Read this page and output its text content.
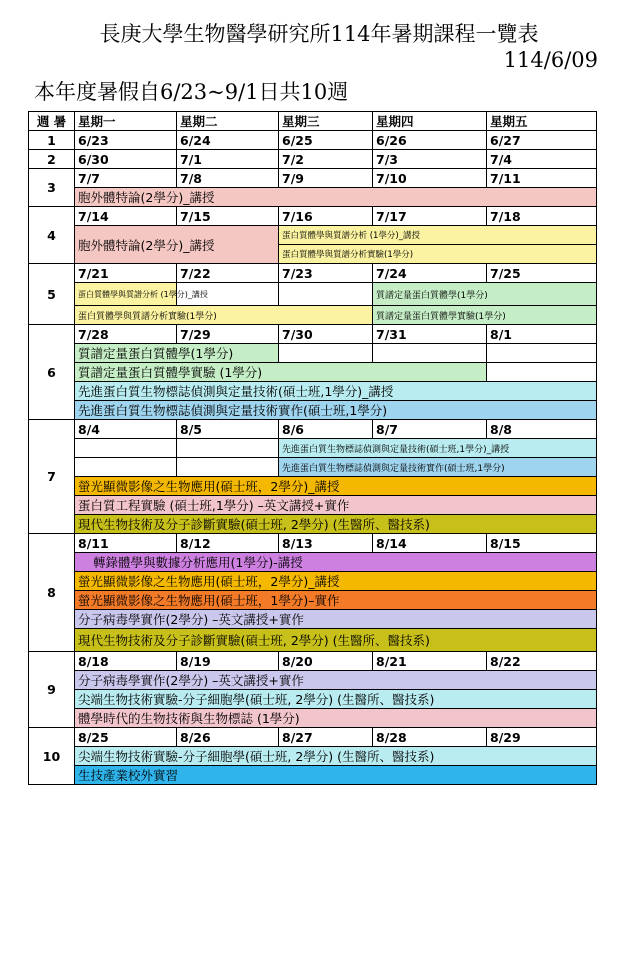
長庚大學生物醫學研究所114年暑期課程一覽表
114/6/09
本年度暑假自6/23~9/1日共10週
週 暑	星期一	星期二	星期三	星期四	星期五
1	6/23	6/24	6/25	6/26	6/27
2	6/30	7/1	7/2	7/3	7/4
3	7/7	7/8	7/9	7/10	7/11
	胞外體特論(2學分)_講授				
4	7/14	7/15	7/16	7/17	7/18
	胞外體特論(2學分)_講授		蛋白質體學與質譜分析 (1學分)_講授		
			蛋白質體學與質譜分析實驗(1學分)		
5	7/21	7/22	7/23	7/24	7/25
	蛋白質體學與質譜分析 (1學分)_講授			質譜定量蛋白質體學(1學分)	
	蛋白質體學與質譜分析實驗(1學分)			質譜定量蛋白質體學實驗(1學分)	
6	7/28	7/29	7/30	7/31	8/1
	質譜定量蛋白質體學(1學分)				
	質譜定量蛋白質體學實驗 (1學分)				
	先進蛋白質生物標誌偵測與定量技術(碩士班,1學分)_講授				
	先進蛋白質生物標誌偵測與定量技術實作(碩士班,1學分)				
7	8/4	8/5	8/6	8/7	8/8
			先進蛋白質生物標誌偵測與定量技術(碩士班,1學分)_講授		
			先進蛋白質生物標誌偵測與定量技術實作(碩士班,1學分)		
	螢光顯微影像之生物應用(碩士班，2學分)_講授				
	蛋白質工程實驗 (碩士班,1學分) –英文講授+實作				
	現代生物技術及分子診斷實驗(碩士班, 2學分) (生醫所、醫技系)				
8	8/11	8/12	8/13	8/14	8/15
	轉錄體學與數據分析應用(1學分)-講授				
	螢光顯微影像之生物應用(碩士班，2學分)_講授				
	螢光顯微影像之生物應用(碩士班，1學分)–實作				
	分子病毒學實作(2學分) –英文講授+實作				
	現代生物技術及分子診斷實驗(碩士班, 2學分) (生醫所、醫技系)				
9	8/18	8/19	8/20	8/21	8/22
	分子病毒學實作(2學分) –英文講授+實作				
	尖端生物技術實驗-分子細胞學(碩士班, 2學分) (生醫所、醫技系)				
	體學時代的生物技術與生物標誌 (1學分)				
10	8/25	8/26	8/27	8/28	8/29
	尖端生物技術實驗-分子細胞學(碩士班, 2學分) (生醫所、醫技系)				
	生技產業校外實習				
